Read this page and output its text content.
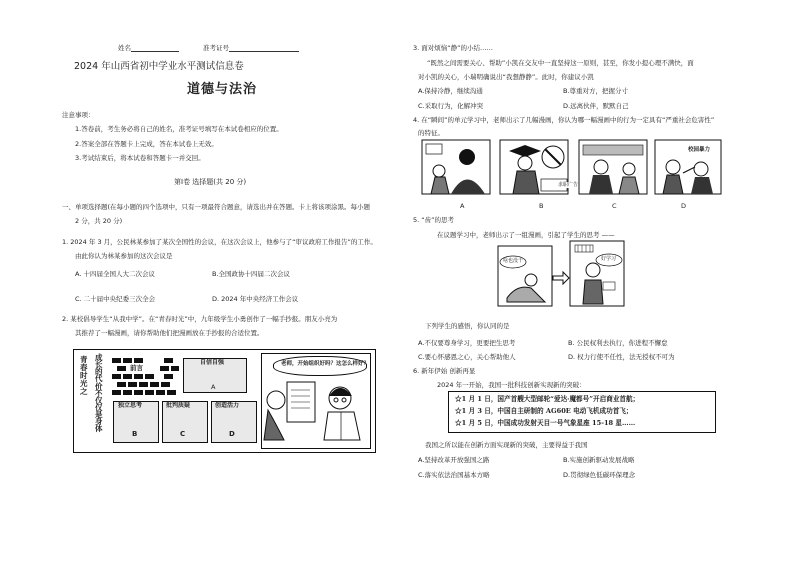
姓名	准考证号
2024 年山西省初中学业水平测试信息卷
道德与法治
注意事项：
1.答卷前，考生务必将自己的姓名，准考证号填写在本试卷相应的位置。
2.答案全部在答题卡上完成，答在本试卷上无效。
3.考试结束后，将本试卷和答题卡一并交回。
第Ⅰ卷 选择题(共 20 分)
一、单项选择题(在每小题的四个选项中，只有一项最符合题意，请选出并在答题。卡上将该项涂黑。每小题
2 分，共 20 分)
1. 2024 年 3 月，公民林某参加了某次全国性的会议，在这次会议上，他参与了“审议政府工作报告”的工作。
由此你认为林某参加的这次会议是
A. 十四届全国人大二次会议	B.全国政协十四届二次会议
C. 二十届中央纪委三次全会	D. 2024 年中央经济工作会议
2. 某校倡导学生“从我中学”。在“青春时光”中，九年级学生小勇创作了一幅手抄报。朋友小亮为
其推荐了一幅漫画，请你帮助他们把漫画放在手抄报的合适位置。
青春时光之
成长的代价不仅仅是身体
前言
自信自强
A
独立思考
B
批判质疑
C
创造活力
D
老师，开始组织好吗？这怎么样好？
3. 面对烦恼“静”的小结……
“既然之间需要关心、帮助”小凯在交友中一直坚持这一原则，甚至，你发小提心理不满快，面
对小凯的关心，小瑞明确说出“我想静静”。此时，你建议小凯
A.保持冷静，继续沟通	B.尊重对方，把握分寸
C.采取行为，化解冲突	D.远离伙伴，默默自己
4. 在“瞬间”的单元学习中，老师出示了几幅漫画，你认为哪一幅漫画中的行为一定具有“严重社会危害性”
的特征。
求职广告
校园暴力
A	B	C	D
5. “齿”的思考
在议题学习中，老师出示了一组漫画，引起了学生的思考 ——
啥也没干	好学习
下列学生的感悟，你认同的是
A.不仅要尊身学习，更要把生思考	B. 公民权利去执行，你进程不懈怠
C.要心怀感恩之心，关心帮助他人	D. 权力行使不任性，法无授权不可为
6. 新年伊始 创新再显
2024 年一开始，我国一批科技创新实现新的突破：
☆1 月 1 日，国产首艘大型邮轮“爱达·魔都号”开启商业首航；
☆1 月 3 日，中国自主研制的 AG60E 电动飞机成功首飞；
☆1 月 5 日，中国成功发射天目一号气象星座 15-18 星……
我国之所以能在创新方面实现新的突破，主要得益于我国
A.坚持改革开放强国之路	B.实施创新驱动发展战略
C.落实依法治国基本方略	D.贯彻绿色低碳环保理念
